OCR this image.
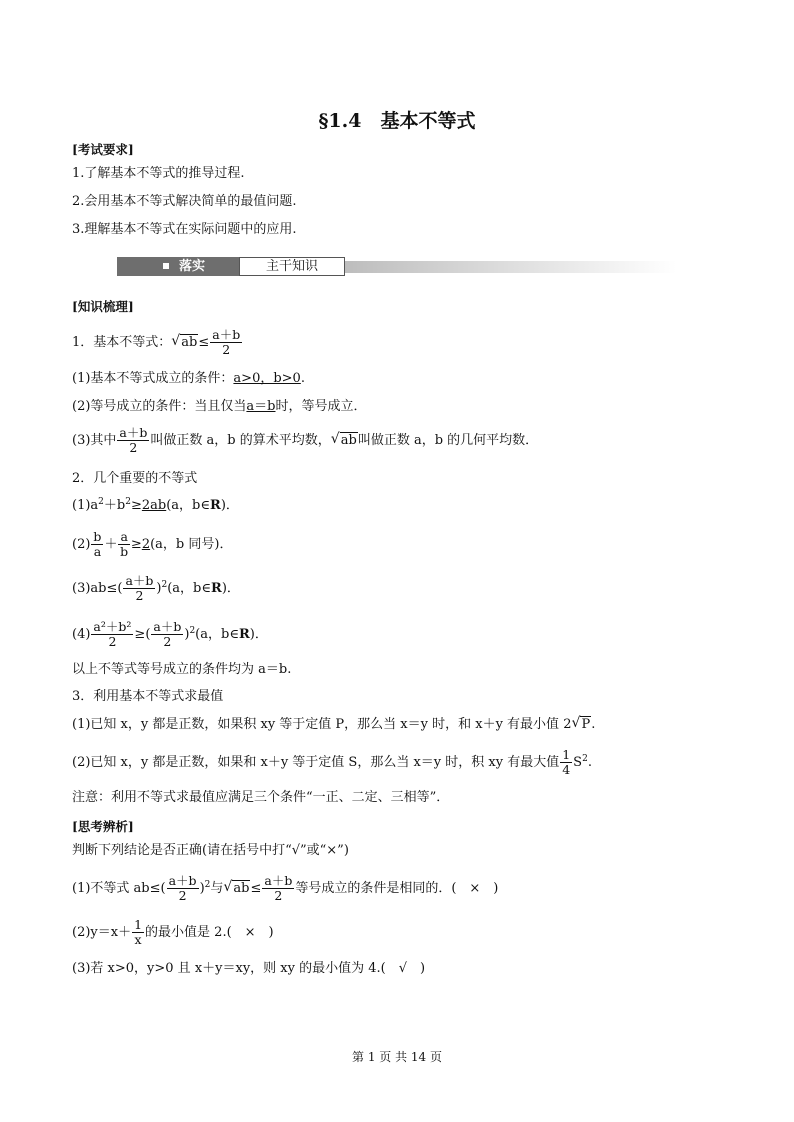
§1.4　基本不等式
[考试要求]
1.了解基本不等式的推导过程.
2.会用基本不等式解决简单的最值问题.
3.理解基本不等式在实际问题中的应用.
落实	主干知识
[知识梳理]
1．基本不等式： √ $ab\le \frac{a+b}{2}$
(1)基本不等式成立的条件：a>0，b>0.
(2)等号成立的条件：当且仅当a＝b时，等号成立．
(3)其中 $\frac{a+b}{2}$ 叫做正数 a，b 的算术平均数， √ ab叫做正数 a，b 的几何平均数．
2．几个重要的不等式
$(1)a^2+b^2\ge 2ab(a$，b∈R)．
$(2) \frac{b}{a} + \frac{a}{b} \ge 2(a$，b 同号)．
$(3)ab\le( \frac{a+b}{2} )^2(a$，b∈R)．
$(4) \frac{\text{a²＋b²}}{2}$ ≥( $\frac{a+b}{2} )^2(a$，b∈R)．
以上不等式等号成立的条件均为 a＝b.
3．利用基本不等式求最值
(1)已知 x，y 都是正数，如果积 xy 等于定值 P，那么当 x＝y 时，和 x＋y 有最小值 2 √ P.
(2)已知 x，y 都是正数，如果和 x＋y 等于定值 S，那么当 x＝y 时，积 xy 有最大值 $\frac{1}{4} S^2$.
注意：利用不等式求最值应满足三个条件“一正、二定、三相等”．
[思考辨析]
判断下列结论是否正确(请在括号中打“√”或“×”)
(1)不等式 $ab\le( \frac{a+b}{2} )^2$与 √ $ab\le \frac{a+b}{2}$ 等号成立的条件是相同的．(　×　)
$(2)y=x+ \frac{1}{x}$ 的最小值是 2.(　×　)
(3)若 x>0，y>0 且 x＋y＝xy，则 xy 的最小值为 4.(　√　)
第 1 页 共 14 页
